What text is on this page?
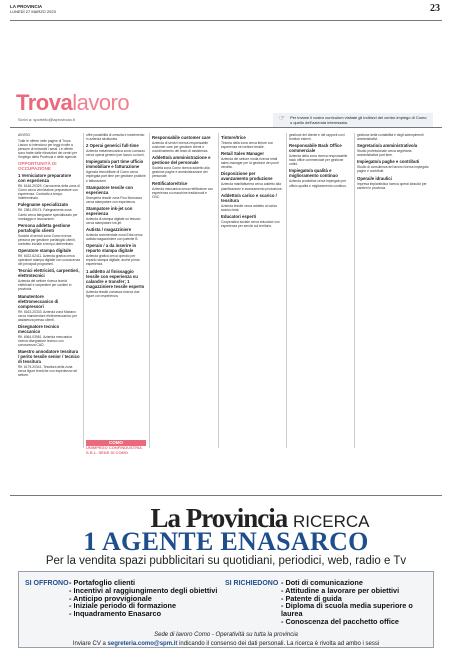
LA PROVINCIA
LUNEDÌ 27 MARZO 2023	23
Trovalavoro
Scrivi a: sportello@laprovincia.it	☞ Per inviare il vostro curriculum visitate gli indirizzi del centro impiego di Como o quello dell'azienda interessata.

AVVISO

Tutte le offerte nelle pagine di Trova Lavoro si intendono per leggi rivolte a persone di entrambi i sessi. Le offerte sono tratte dalle rilevazioni dei centri per l'impiego della Provincia e delle agenzie.

OPPORTUNITÀ DI OCCUPAZIONE
1 Verniciatore preparatore con esperienza

Rif. 6146-20329. Carrozzeria della zona di Como cerca verniciatore preparatore con esperienza. Contratto a tempo indeterminato.

Falegname specializzato

Rif. 2981-09174. Falegnameria zona Cantù cerca falegname specializzato per montaggio e lavorazione.

Persona addetta gestione portafoglio clienti

Società di servizi zona Como ricerca persona per gestione portafoglio clienti, contratto iniziale a tempo determinato.

Operatore stampa digitale

Rif. 6022-62411. Azienda grafica cerca operatore stampa digitale con conoscenza dei principali programmi.

Tecnici elettricisti, carpentieri, elettrotecnici

Azienda del settore ricerca tecnici elettricisti e carpentieri per cantieri in provincia.

Manutentore elettromeccanico di compressori

Rif. 6163-20333. Azienda zona Mariano cerca manutentore elettromeccanico per assistenza presso clienti.

Disegnatore tecnico meccanico

Rif. 6064-03981. Azienda meccanica ricerca disegnatore tecnico con conoscenza CAD.

Maestro annodatore tessitura / perito tessile senior / tecnico di tessitura

Rif. 6179-20341. Tessitura della zona cerca figure tecniche con esperienza nel settore.

offre possibilità di crescita e inserimento in azienda strutturata.

2 Operai generici full-time

Azienda metalmeccanica zona Lomazzo cerca operai generici per lavoro su turni.

Impiegato/a part time ufficio immobiliare e fatturazione

Agenzia immobiliare di Como cerca impiegata part time per gestione pratiche e fatturazione.

Stampatore tessile con esperienza

Stamperia tessile zona Fino Mornasco cerca stampatore con esperienza.

Stampatore ink-jet con esperienza

Azienda di stampa digitale su tessuto cerca stampatore ink-jet.

Autista / magazziniere

Azienda commerciale zona Erba cerca autista magazziniere con patente B.

Operaio / a da inserire in reparto stampa digitale

Azienda grafica cerca operaio per reparto stampa digitale, anche prima esperienza.

1 addetto al finissaggio tessile con esperienza su calandre e transfer; 1 magazziniere tessile esperto

Azienda tessile comasca ricerca due figure con esperienza.

Responsabile customer care

Azienda di servizi ricerca responsabile customer care per gestione clienti e coordinamento del team di assistenza.

Addetto/a amministrazione e gestione del personale

Società zona Como ricerca addetto alla gestione paghe e amministrazione del personale.

Rettificatore/trice

Azienda meccanica cerca rettificatore con esperienza su macchine tradizionali e CNC.

Tintore/trice

Tintoria della zona cerca tintore con esperienza nel settore tessile.

Retail Sales Manager

Azienda del settore moda ricerca retail sales manager per la gestione dei punti vendita.

Disposizione per avanzamento produzione

Azienda manifatturiera cerca addetto alla pianificazione e avanzamento produzione.

Addetto/a carico e scarico / tessitura

Azienda tessile cerca addetto al carico scarico telai.

Educatori esperti

Cooperativa sociale cerca educatori con esperienza per servizi sul territorio.

gestione del cliente e dei rapporti con i fornitori esterni.

Responsabile Back Office commerciale

Azienda della zona ricerca responsabile back office commerciale per gestione ordini.

Impiegato/a qualità e miglioramento continuo

Azienda produttiva cerca impiegato per ufficio qualità e miglioramento continuo.

gestione della contabilità e degli adempimenti amministrativi.

Segretario/a amministrativo/a

Studio professionale cerca segretaria amministrativa part time.

Impiegato/a paghe e contributi

Studio di consulenza del lavoro ricerca impiegato paghe e contributi.

Operai/e idraulici

Impresa impiantistica ricerca operai idraulici per cantieri in provincia.

COMO
UNIMPEGO CONFINDUSTRIA S.R.L. SEDE DI COMO
La Provincia RICERCA
1 AGENTE ENASARCO
Per la vendita spazi pubblicitari su quotidiani, periodici, web, radio e Tv
SI OFFRONO - Portafoglio clienti
- Incentivi al raggiungimento degli obiettivi
- Anticipo provvigionale
- Iniziale periodo di formazione
- Inquadramento Enasarco
SI RICHIEDONO - Doti di comunicazione
- Attitudine a lavorare per obiettivi
- Patente di guida
- Diploma di scuola media superiore o laurea
- Conoscenza del pacchetto office
Sede di lavoro Como - Operatività su tutta la provincia
Inviare CV a segreteria.como@spm.it indicando il consenso dei dati personali. La ricerca è rivolta ad ambo i sessi
